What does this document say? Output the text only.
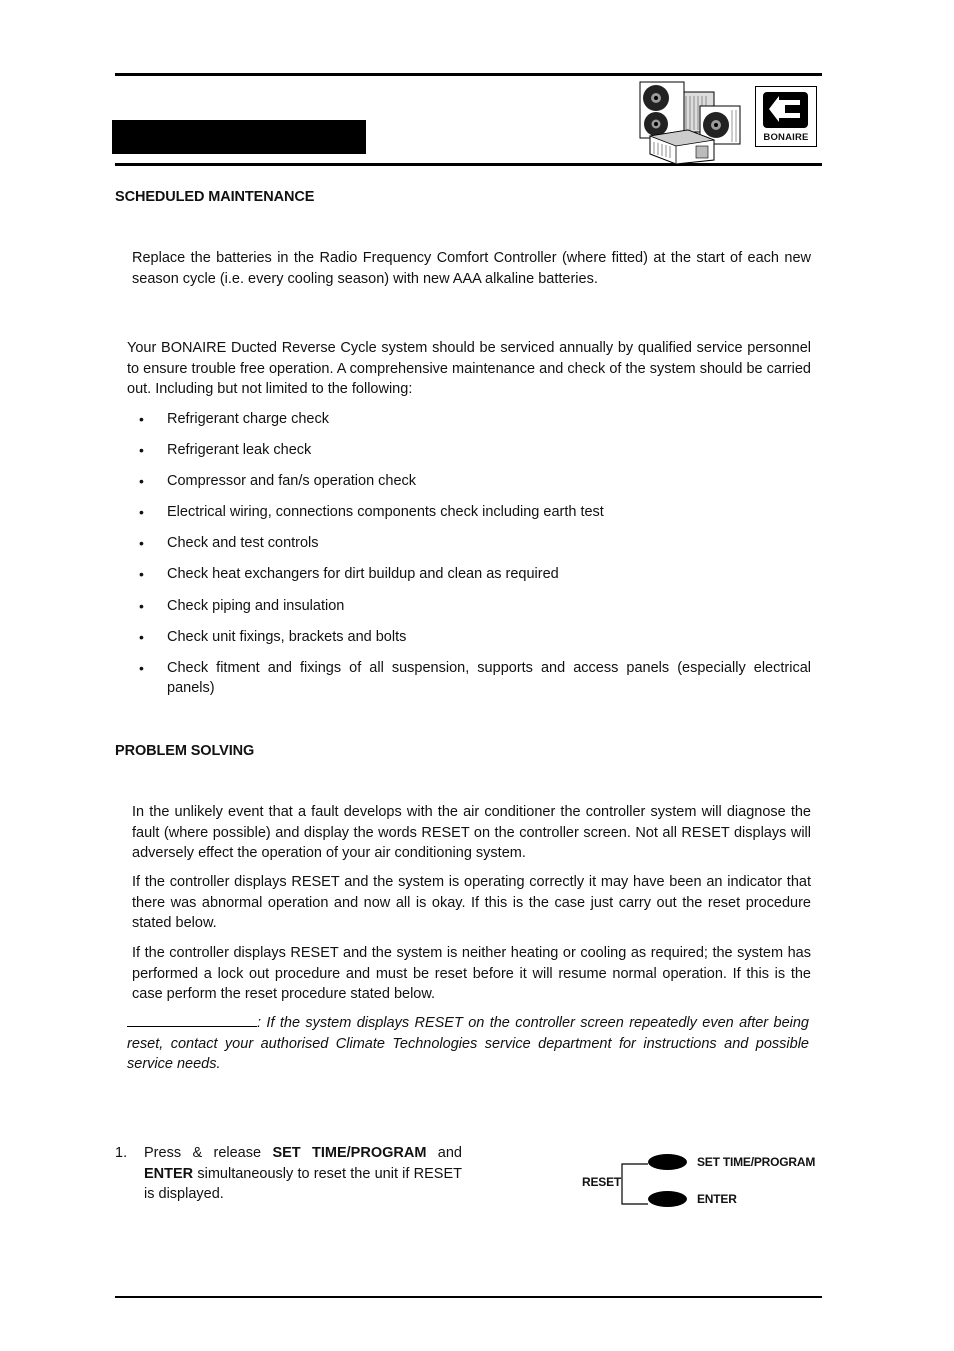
BONAIRE
SCHEDULED MAINTENANCE
Replace the batteries in the Radio Frequency Comfort Controller (where fitted) at the start of each new season cycle (i.e. every cooling season) with new AAA alkaline batteries.
Your BONAIRE Ducted Reverse Cycle system should be serviced annually by qualified service personnel to ensure trouble free operation. A comprehensive maintenance and check of the system should be carried out. Including but not limited to the following:
• Refrigerant charge check
• Refrigerant leak check
• Compressor and fan/s operation check
• Electrical wiring, connections components check including earth test
• Check and test controls
• Check heat exchangers for dirt buildup and clean as required
• Check piping and insulation
• Check unit fixings, brackets and bolts
• Check fitment and fixings of all suspension, supports and access panels (especially electrical panels)
PROBLEM SOLVING
In the unlikely event that a fault develops with the air conditioner the controller system will diagnose the fault (where possible) and display the words RESET on the controller screen. Not all RESET displays will adversely effect the operation of your air conditioning system.
If the controller displays RESET and the system is operating correctly it may have been an indicator that there was abnormal operation and now all is okay. If this is the case just carry out the reset procedure stated below.
If the controller displays RESET and the system is neither heating or cooling as required; the system has performed a lock out procedure and must be reset before it will resume normal operation. If this is the case perform the reset procedure stated below.
: If the system displays RESET on the controller screen repeatedly even after being reset, contact your authorised Climate Technologies service department for instructions and possible service needs.
1. Press & release SET TIME/PROGRAM and ENTER simultaneously to reset the unit if RESET is displayed.
RESET
SET TIME/PROGRAM
ENTER
